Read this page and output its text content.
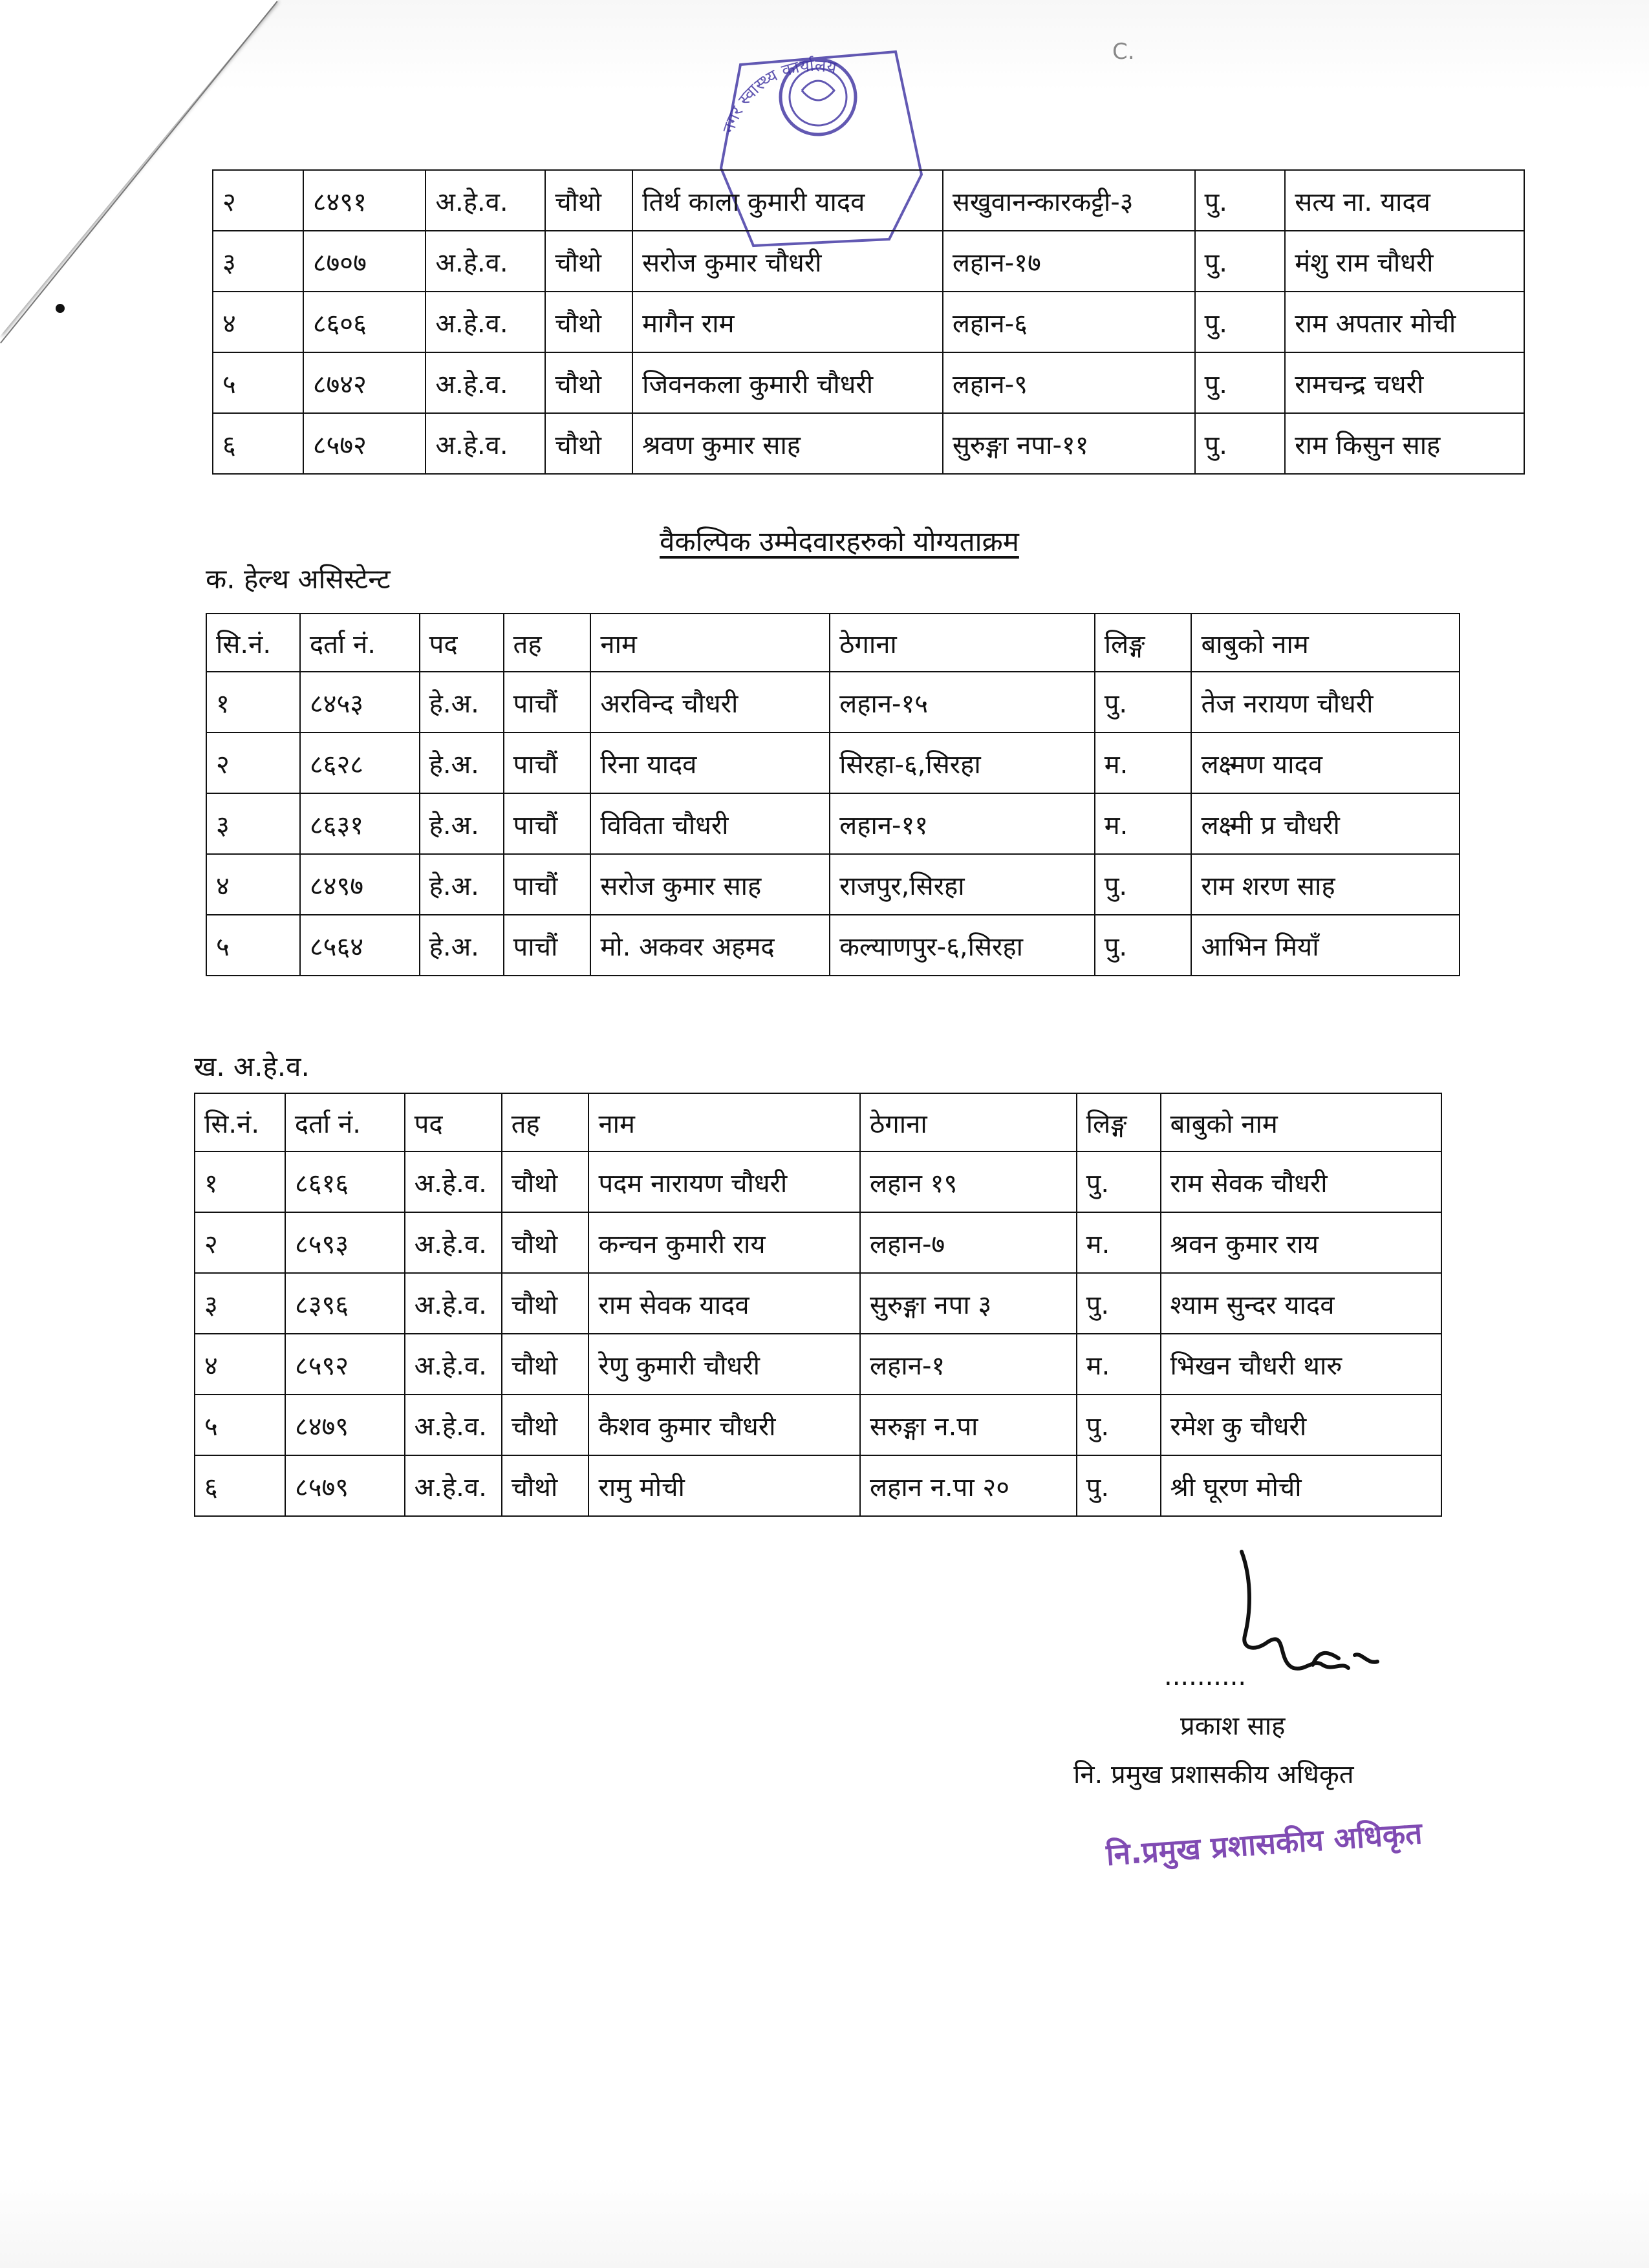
C.
नगर स्वास्थ्य कार्यालय
२	८४९१	अ.हे.व.	चौथो	तिर्थ काला कुमारी यादव	सखुवानन्कारकट्टी-३	पु.	सत्य ना. यादव
३	८७०७	अ.हे.व.	चौथो	सरोज कुमार चौधरी	लहान-१७	पु.	मंशु राम चौधरी
४	८६०६	अ.हे.व.	चौथो	मागैन राम	लहान-६	पु.	राम अपतार मोची
५	८७४२	अ.हे.व.	चौथो	जिवनकला कुमारी चौधरी	लहान-९	पु.	रामचन्द्र चधरी
६	८५७२	अ.हे.व.	चौथो	श्रवण कुमार साह	सुरुङ्गा नपा-११	पु.	राम किसुन साह
वैकल्पिक उम्मेदवारहरुको योग्यताक्रम
क. हेल्थ असिस्टेन्ट
सि.नं.	दर्ता नं.	पद	तह	नाम	ठेगाना	लिङ्ग	बाबुको नाम
१	८४५३	हे.अ.	पाचौं	अरविन्द चौधरी	लहान-१५	पु.	तेज नरायण चौधरी
२	८६२८	हे.अ.	पाचौं	रिना यादव	सिरहा-६,सिरहा	म.	लक्ष्मण यादव
३	८६३१	हे.अ.	पाचौं	विविता चौधरी	लहान-११	म.	लक्ष्मी प्र चौधरी
४	८४९७	हे.अ.	पाचौं	सरोज कुमार साह	राजपुर,सिरहा	पु.	राम शरण साह
५	८५६४	हे.अ.	पाचौं	मो. अकवर अहमद	कल्याणपुर-६,सिरहा	पु.	आभिन मियाँ
ख. अ.हे.व.
सि.नं.	दर्ता नं.	पद	तह	नाम	ठेगाना	लिङ्ग	बाबुको नाम
१	८६१६	अ.हे.व.	चौथो	पदम नारायण चौधरी	लहान १९	पु.	राम सेवक चौधरी
२	८५९३	अ.हे.व.	चौथो	कन्चन कुमारी राय	लहान-७	म.	श्रवन कुमार राय
३	८३९६	अ.हे.व.	चौथो	राम सेवक यादव	सुरुङ्गा नपा ३	पु.	श्याम सुन्दर यादव
४	८५९२	अ.हे.व.	चौथो	रेणु कुमारी चौधरी	लहान-१	म.	भिखन चौधरी थारु
५	८४७९	अ.हे.व.	चौथो	कैशव कुमार चौधरी	सरुङ्गा न.पा	पु.	रमेश कु चौधरी
६	८५७९	अ.हे.व.	चौथो	रामु मोची	लहान न.पा २०	पु.	श्री घूरण मोची
..........
प्रकाश साह
नि. प्रमुख प्रशासकीय अधिकृत
नि.प्रमुख प्रशासकीय अधिकृत
